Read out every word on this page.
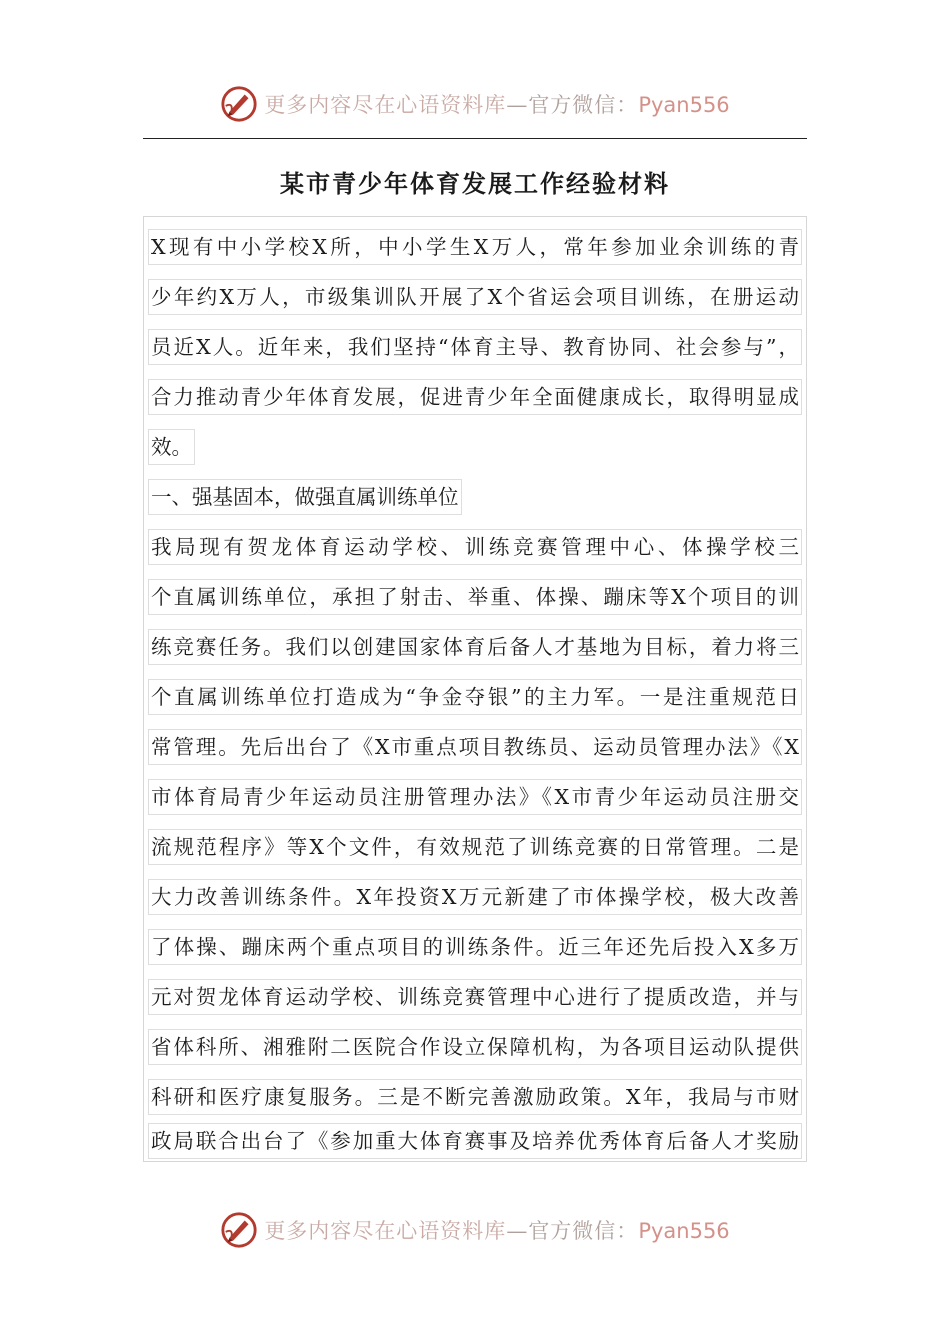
更多内容尽在心语资料库—官方微信：Pyan556
某市青少年体育发展工作经验材料
X现有中小学校X所，中小学生X万人，常年参加业余训练的青
少年约X万人，市级集训队开展了X个省运会项目训练，在册运动
员近X人。近年来，我们坚持“体育主导、教育协同、社会参与”，
合力推动青少年体育发展，促进青少年全面健康成长，取得明显成
效。
一、强基固本，做强直属训练单位
我局现有贺龙体育运动学校、训练竞赛管理中心、体操学校三
个直属训练单位，承担了射击、举重、体操、蹦床等X个项目的训
练竞赛任务。我们以创建国家体育后备人才基地为目标，着力将三
个直属训练单位打造成为“争金夺银”的主力军。一是注重规范日
常管理。先后出台了《X市重点项目教练员、运动员管理办法》《X
市体育局青少年运动员注册管理办法》《X市青少年运动员注册交
流规范程序》等X个文件，有效规范了训练竞赛的日常管理。二是
大力改善训练条件。X年投资X万元新建了市体操学校，极大改善
了体操、蹦床两个重点项目的训练条件。近三年还先后投入X多万
元对贺龙体育运动学校、训练竞赛管理中心进行了提质改造，并与
省体科所、湘雅附二医院合作设立保障机构，为各项目运动队提供
科研和医疗康复服务。三是不断完善激励政策。X年，我局与市财
政局联合出台了《参加重大体育赛事及培养优秀体育后备人才奖励
更多内容尽在心语资料库—官方微信：Pyan556
